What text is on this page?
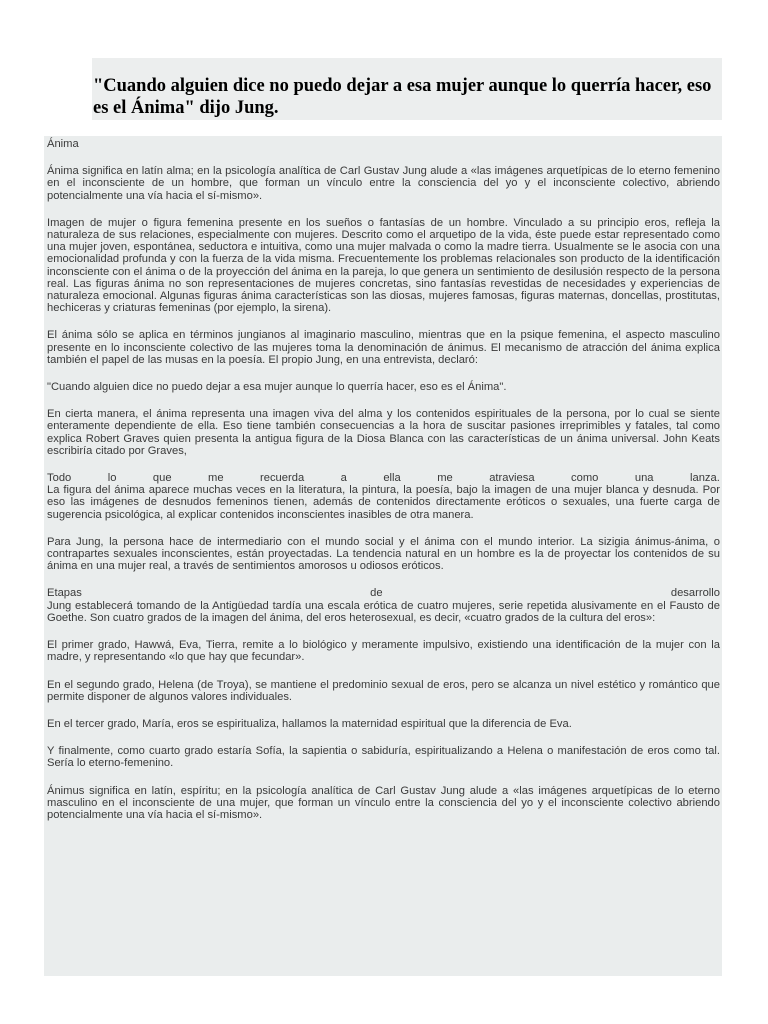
"Cuando alguien dice no puedo dejar a esa mujer aunque lo querría hacer, eso es el Ánima" dijo Jung.

Ánima

Ánima significa en latín alma; en la psicología analítica de Carl Gustav Jung alude a «las imágenes arquetípicas de lo eterno femenino en el inconsciente de un hombre, que forman un vínculo entre la consciencia del yo y el inconsciente colectivo, abriendo potencialmente una vía hacia el sí-mismo».

Imagen de mujer o figura femenina presente en los sueños o fantasías de un hombre. Vinculado a su principio eros, refleja la naturaleza de sus relaciones, especialmente con mujeres. Descrito como el arquetipo de la vida, éste puede estar representado como una mujer joven, espontánea, seductora e intuitiva, como una mujer malvada o como la madre tierra. Usualmente se le asocia con una emocionalidad profunda y con la fuerza de la vida misma. Frecuentemente los problemas relacionales son producto de la identificación inconsciente con el ánima o de la proyección del ánima en la pareja, lo que genera un sentimiento de desilusión respecto de la persona real. Las figuras ánima no son representaciones de mujeres concretas, sino fantasías revestidas de necesidades y experiencias de naturaleza emocional. Algunas figuras ánima características son las diosas, mujeres famosas, figuras maternas, doncellas, prostitutas, hechiceras y criaturas femeninas (por ejemplo, la sirena).

El ánima sólo se aplica en términos jungianos al imaginario masculino, mientras que en la psique femenina, el aspecto masculino presente en lo inconsciente colectivo de las mujeres toma la denominación de ánimus. El mecanismo de atracción del ánima explica también el papel de las musas en la poesía. El propio Jung, en una entrevista, declaró:

"Cuando alguien dice no puedo dejar a esa mujer aunque lo querría hacer, eso es el Ánima".

En cierta manera, el ánima representa una imagen viva del alma y los contenidos espirituales de la persona, por lo cual se siente enteramente dependiente de ella. Eso tiene también consecuencias a la hora de suscitar pasiones irreprimibles y fatales, tal como explica Robert Graves quien presenta la antigua figura de la Diosa Blanca con las características de un ánima universal. John Keats escribiría citado por Graves,

Todo	lo	que	me	recuerda	a	ella	me	atraviesa	como	una	lanza.
La figura del ánima aparece muchas veces en la literatura, la pintura, la poesía, bajo la imagen de una mujer blanca y desnuda. Por eso las imágenes de desnudos femeninos tienen, además de contenidos directamente eróticos o sexuales, una fuerte carga de sugerencia psicológica, al explicar contenidos inconscientes inasibles de otra manera.

Para Jung, la persona hace de intermediario con el mundo social y el ánima con el mundo interior. La sizigia ánimus-ánima, o contrapartes sexuales inconscientes, están proyectadas. La tendencia natural en un hombre es la de proyectar los contenidos de su ánima en una mujer real, a través de sentimientos amorosos u odiosos eróticos.

Etapas	de	desarrollo
Jung establecerá tomando de la Antigüedad tardía una escala erótica de cuatro mujeres, serie repetida alusivamente en el Fausto de Goethe. Son cuatro grados de la imagen del ánima, del eros heterosexual, es decir, «cuatro grados de la cultura del eros»:

El primer grado, Hawwá, Eva, Tierra, remite a lo biológico y meramente impulsivo, existiendo una identificación de la mujer con la madre, y representando «lo que hay que fecundar».

En el segundo grado, Helena (de Troya), se mantiene el predominio sexual de eros, pero se alcanza un nivel estético y romántico que permite disponer de algunos valores individuales.

En el tercer grado, María, eros se espiritualiza, hallamos la maternidad espiritual que la diferencia de Eva.

Y finalmente, como cuarto grado estaría Sofía, la sapientia o sabiduría, espiritualizando a Helena o manifestación de eros como tal. Sería lo eterno-femenino.

Ánimus significa en latín, espíritu; en la psicología analítica de Carl Gustav Jung alude a «las imágenes arquetípicas de lo eterno masculino en el inconsciente de una mujer, que forman un vínculo entre la consciencia del yo y el inconsciente colectivo abriendo potencialmente una vía hacia el sí-mismo».
